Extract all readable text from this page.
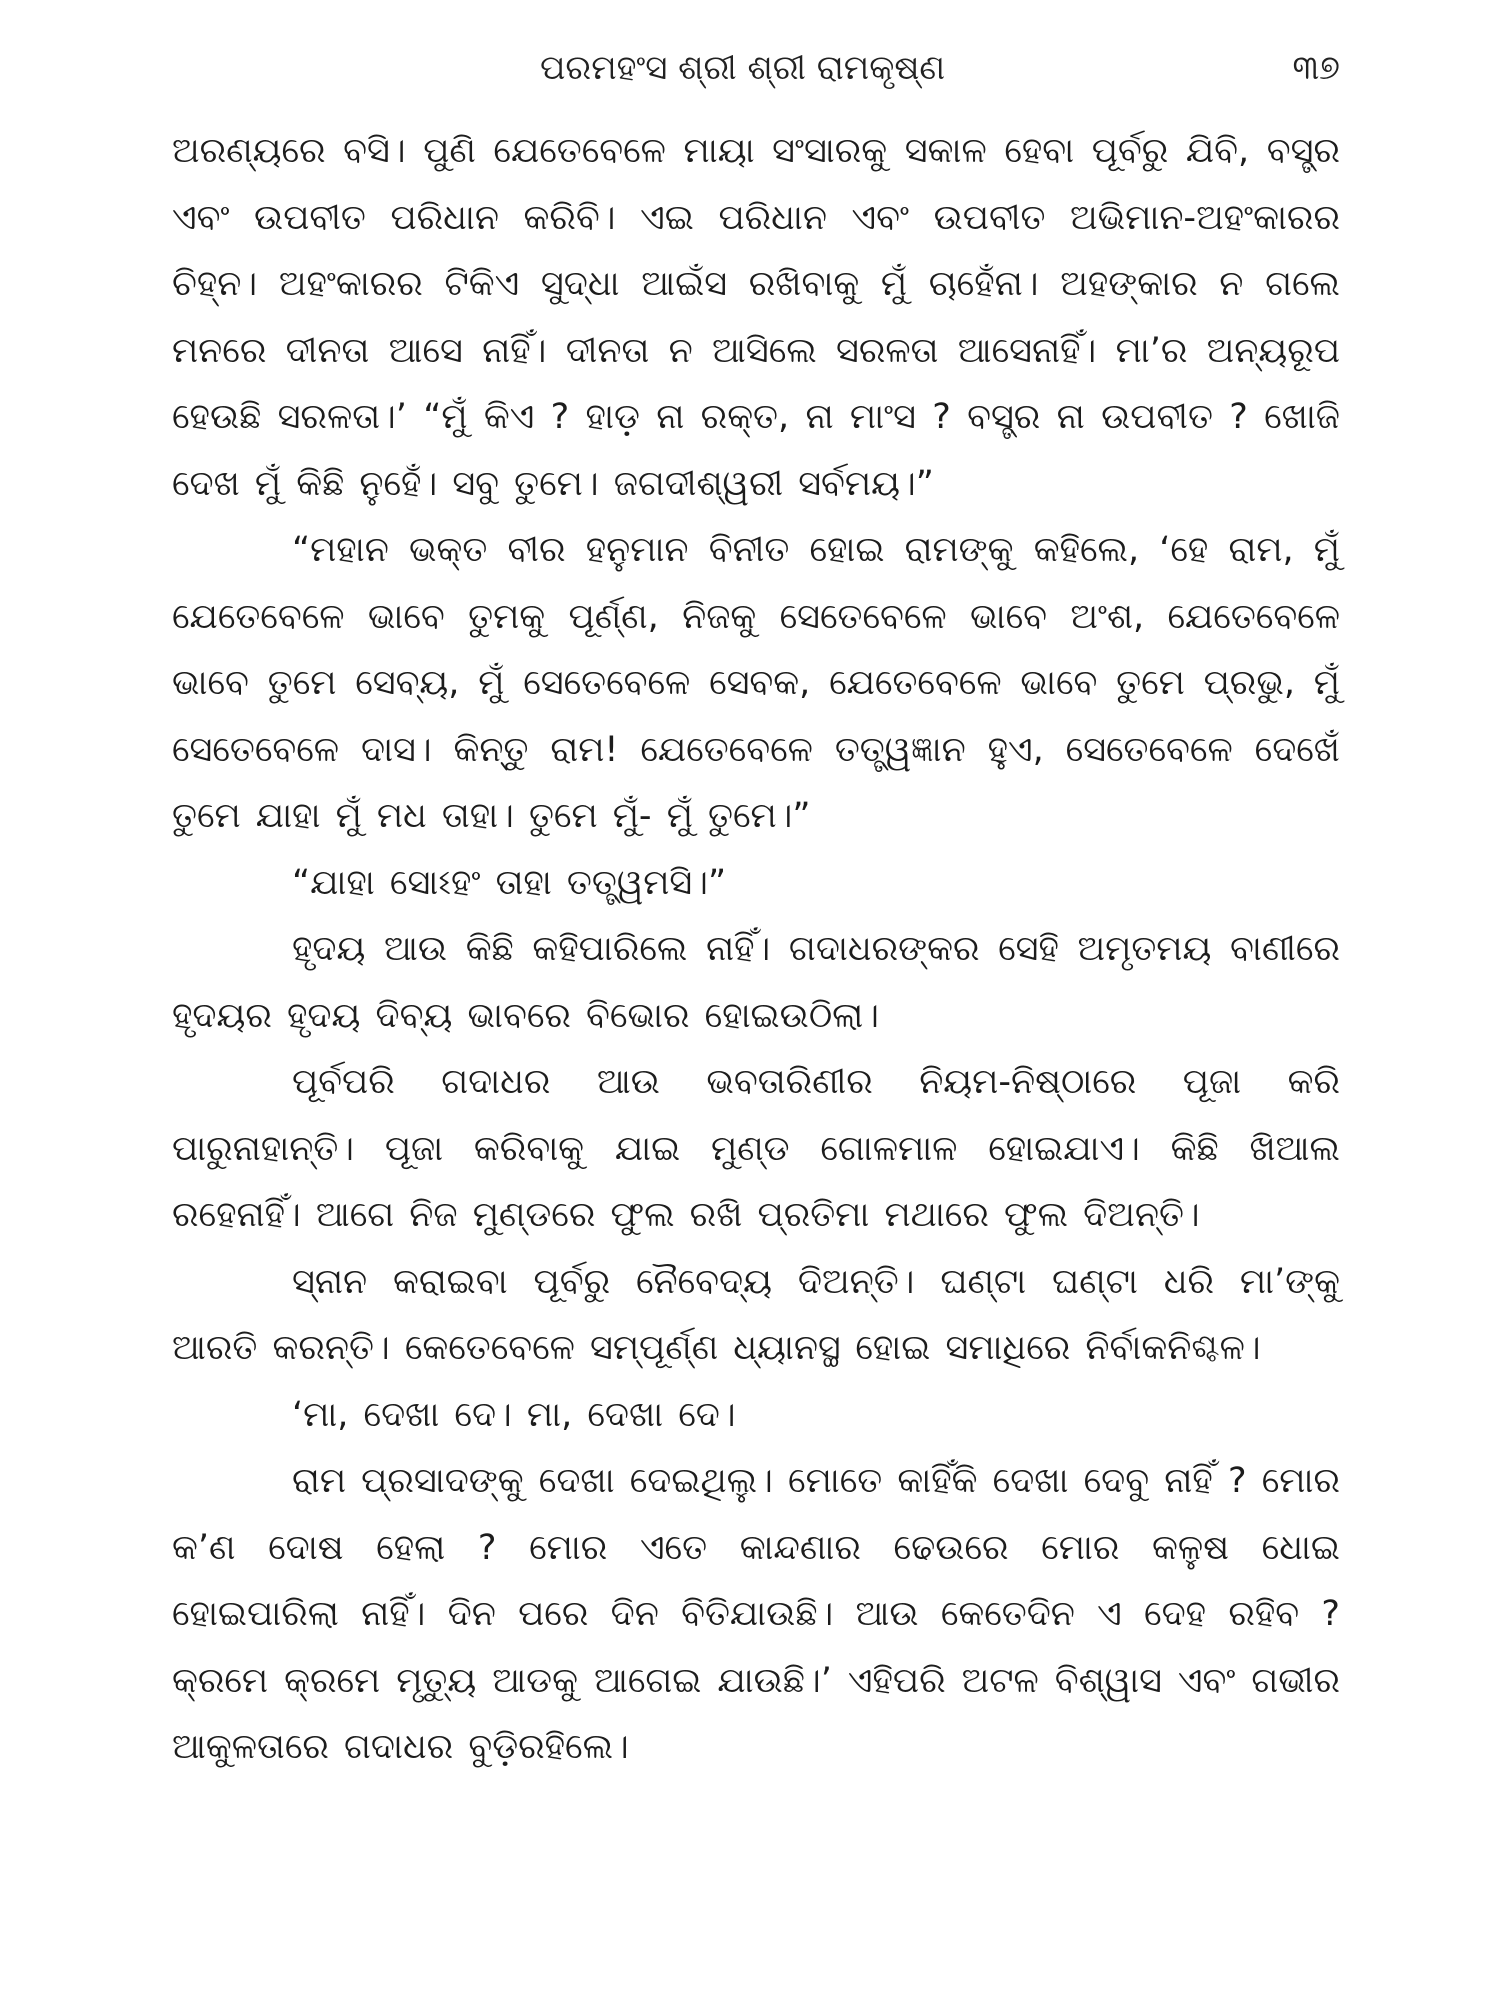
ପରମହଂସ ଶ୍ରୀ ଶ୍ରୀ ରାମକୃଷ୍ଣ	୩୭

ଅରଣ୍ୟରେ ବସି। ପୁଣି ଯେତେବେଳେ ମାୟା ସଂସାରକୁ ସକାଳ ହେବା ପୂର୍ବରୁ ଯିବି, ବସ୍ତ୍ର ଏବଂ ଉପବୀତ ପରିଧାନ କରିବି। ଏଇ ପରିଧାନ ଏବଂ ଉପବୀତ ଅଭିମାନ-ଅହଂକାରର ଚିହ୍ନ। ଅହଂକାରର ଟିକିଏ ସୁଦ୍ଧା ଆଇଁସ ରଖିବାକୁ ମୁଁ ଚାହେଁନା। ଅହଙ୍କାର ନ ଗଲେ ମନରେ ଦୀନତା ଆସେ ନାହିଁ। ଦୀନତା ନ ଆସିଲେ ସରଳତା ଆସେନାହିଁ। ମା’ର ଅନ୍ୟରୂପ ହେଉଛି ସରଳତା।’ “ମୁଁ କିଏ ? ହାଡ଼ ନା ରକ୍ତ, ନା ମାଂସ ? ବସ୍ତ୍ର ନା ଉପବୀତ ? ଖୋଜି ଦେଖ ମୁଁ କିଛି ନୁହେଁ। ସବୁ ତୁମେ। ଜଗଦୀଶ୍ୱରୀ ସର୍ବମୟ।”

“ମହାନ ଭକ୍ତ ବୀର ହନୁମାନ ବିନୀତ ହୋଇ ରାମଙ୍କୁ କହିଲେ, ‘ହେ ରାମ, ମୁଁ ଯେତେବେଳେ ଭାବେ ତୁମକୁ ପୂର୍ଣ୍ଣ, ନିଜକୁ ସେତେବେଳେ ଭାବେ ଅଂଶ, ଯେତେବେଳେ ଭାବେ ତୁମେ ସେବ୍ୟ, ମୁଁ ସେତେବେଳେ ସେବକ, ଯେତେବେଳେ ଭାବେ ତୁମେ ପ୍ରଭୁ, ମୁଁ ସେତେବେଳେ ଦାସ। କିନ୍ତୁ ରାମ! ଯେତେବେଳେ ତତ୍ତ୍ୱଜ୍ଞାନ ହୁଏ, ସେତେବେଳେ ଦେଖେଁ ତୁମେ ଯାହା ମୁଁ ମଧ ତାହା। ତୁମେ ମୁଁ- ମୁଁ ତୁମେ।”

“ଯାହା ସୋଽହଂ ତାହା ତତ୍ତ୍ୱମସି।”

ହୃଦୟ ଆଉ କିଛି କହିପାରିଲେ ନାହିଁ। ଗଦାଧରଙ୍କର ସେହି ଅମୃତମୟ ବାଣୀରେ ହୃଦୟର ହୃଦୟ ଦିବ୍ୟ ଭାବରେ ବିଭୋର ହୋଇଉଠିଲା।

ପୂର୍ବପରି ଗଦାଧର ଆଉ ଭବତାରିଣୀର ନିୟମ-ନିଷ୍ଠାରେ ପୂଜା କରି ପାରୁନାହାନ୍ତି। ପୂଜା କରିବାକୁ ଯାଇ ମୁଣ୍ଡ ଗୋଳମାଳ ହୋଇଯାଏ। କିଛି ଖିଆଲ ରହେନାହିଁ। ଆଗେ ନିଜ ମୁଣ୍ଡରେ ଫୁଲ ରଖି ପ୍ରତିମା ମଥାରେ ଫୁଲ ଦିଅନ୍ତି।

ସ୍ନାନ କରାଇବା ପୂର୍ବରୁ ନୈବେଦ୍ୟ ଦିଅନ୍ତି। ଘଣ୍ଟା ଘଣ୍ଟା ଧରି ମା’ଙ୍କୁ ଆରତି କରନ୍ତି। କେତେବେଳେ ସମ୍ପୂର୍ଣ୍ଣ ଧ୍ୟାନସ୍ଥ ହୋଇ ସମାଧିରେ ନିର୍ବାକନିଶ୍ଚଳ।

‘ମା, ଦେଖା ଦେ। ମା, ଦେଖା ଦେ।

ରାମ ପ୍ରସାଦଙ୍କୁ ଦେଖା ଦେଇଥିଲୁ। ମୋତେ କାହିଁକି ଦେଖା ଦେବୁ ନାହିଁ ? ମୋର କ’ଣ ଦୋଷ ହେଲା ? ମୋର ଏତେ କାନ୍ଦଣାର ଢେଉରେ ମୋର କଳୁଷ ଧୋଇ ହୋଇପାରିଲା ନାହିଁ। ଦିନ ପରେ ଦିନ ବିତିଯାଉଛି। ଆଉ କେତେଦିନ ଏ ଦେହ ରହିବ ? କ୍ରମେ କ୍ରମେ ମୃତ୍ୟୁ ଆଡକୁ ଆଗେଇ ଯାଉଛି।’ ଏହିପରି ଅଟଳ ବିଶ୍ୱାସ ଏବଂ ଗଭୀର ଆକୁଳତାରେ ଗଦାଧର ବୁଡ଼ିରହିଲେ।
